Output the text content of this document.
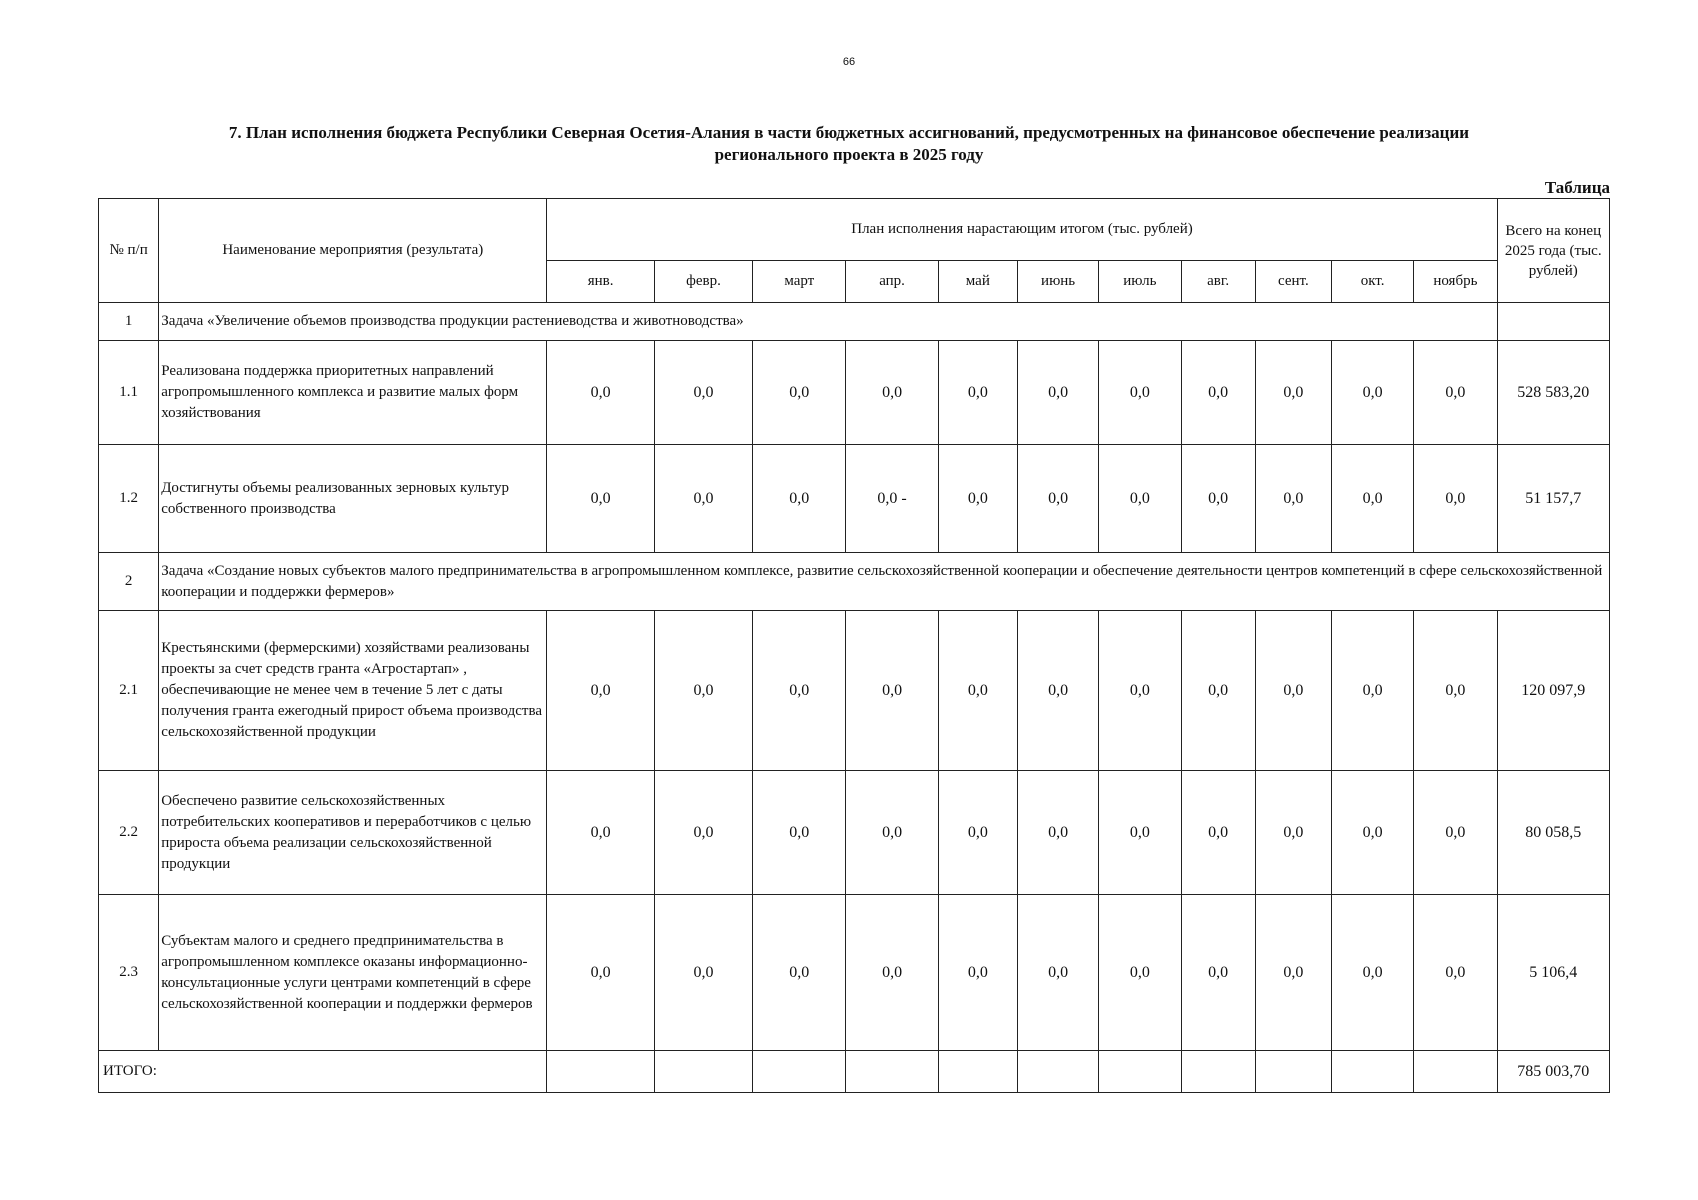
66
7. План исполнения бюджета Республики Северная Осетия-Алания в части бюджетных ассигнований, предусмотренных на финансовое обеспечение реализации
регионального проекта в 2025 году
Таблица
№ п/п	Наименование мероприятия (результата)	План исполнения нарастающим итогом (тыс. рублей)											Всего на конец 2025 года (тыс. рублей)
		янв.	февр.	март	апр.	май	июнь	июль	авг.	сент.	окт.	ноябрь	
1	Задача «Увеличение объемов производства продукции растениеводства и животноводства»												
1.1	Реализована поддержка приоритетных направлений агропромышленного комплекса и развитие малых форм хозяйствования	0,0	0,0	0,0	0,0	0,0	0,0	0,0	0,0	0,0	0,0	0,0	528 583,20
1.2	Достигнуты объемы реализованных зерновых культур собственного производства	0,0	0,0	0,0	0,0 -	0,0	0,0	0,0	0,0	0,0	0,0	0,0	51 157,7
2	Задача «Создание новых субъектов малого предпринимательства в агропромышленном комплексе, развитие сельскохозяйственной кооперации и обеспечение деятельности центров компетенций в сфере сельскохозяйственной кооперации и поддержки фермеров»												
2.1	Крестьянскими (фермерскими) хозяйствами реализованы проекты за счет средств гранта «Агростартап» , обеспечивающие не менее чем в течение 5 лет с даты получения гранта ежегодный прирост объема производства сельскохозяйственной продукции	0,0	0,0	0,0	0,0	0,0	0,0	0,0	0,0	0,0	0,0	0,0	120 097,9
2.2	Обеспечено развитие сельскохозяйственных потребительских кооперативов и переработчиков с целью прироста объема реализации сельскохозяйственной продукции	0,0	0,0	0,0	0,0	0,0	0,0	0,0	0,0	0,0	0,0	0,0	80 058,5
2.3	Субъектам малого и среднего предпринимательства в агропромышленном комплексе оказаны информационно-консультационные услуги центрами компетенций в сфере сельскохозяйственной кооперации и поддержки фермеров	0,0	0,0	0,0	0,0	0,0	0,0	0,0	0,0	0,0	0,0	0,0	5 106,4
ИТОГО:													785 003,70
